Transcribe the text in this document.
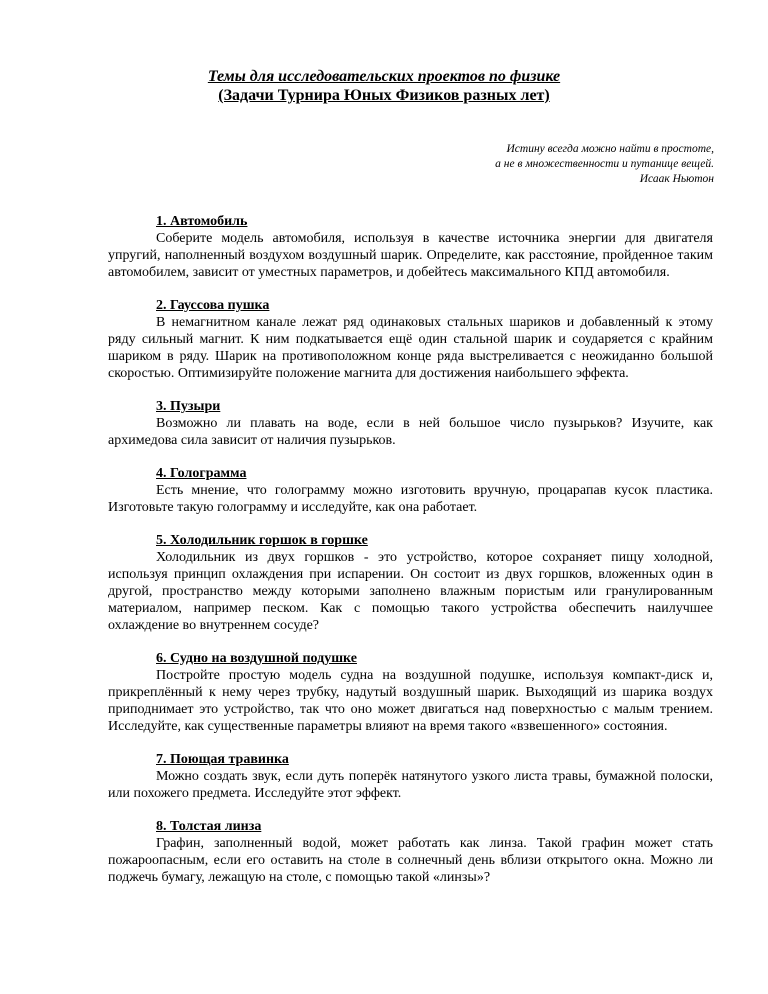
Темы для исследовательских проектов по физике
(Задачи Турнира Юных Физиков разных лет)
Истину всегда можно найти в простоте,
а не в множественности и путанице вещей.
Исаак Ньютон
1. Автомобиль
Соберите модель автомобиля, используя в качестве источника энергии для двигателя упругий, наполненный воздухом воздушный шарик. Определите, как расстояние, пройденное таким автомобилем, зависит от уместных параметров, и добейтесь максимального КПД автомобиля.
2. Гауссова пушка
В немагнитном канале лежат ряд одинаковых стальных шариков и добавленный к этому ряду сильный магнит. К ним подкатывается ещё один стальной шарик и соударяется с крайним шариком в ряду. Шарик на противоположном конце ряда выстреливается с неожиданно большой скоростью. Оптимизируйте положение магнита для достижения наибольшего эффекта.
3. Пузыри
Возможно ли плавать на воде, если в ней большое число пузырьков? Изучите, как архимедова сила зависит от наличия пузырьков.
4. Голограмма
Есть мнение, что голограмму можно изготовить вручную, процарапав кусок пластика. Изготовьте такую голограмму и исследуйте, как она работает.
5. Холодильник горшок в горшке
Холодильник из двух горшков - это устройство, которое сохраняет пищу холодной, используя принцип охлаждения при испарении. Он состоит из двух горшков, вложенных один в другой, пространство между которыми заполнено влажным пористым или гранулированным материалом, например песком. Как с помощью такого устройства обеспечить наилучшее охлаждение во внутреннем сосуде?
6. Судно на воздушной подушке
Постройте простую модель судна на воздушной подушке, используя компакт-диск и, прикреплённый к нему через трубку, надутый воздушный шарик. Выходящий из шарика воздух приподнимает это устройство, так что оно может двигаться над поверхностью с малым трением. Исследуйте, как существенные параметры влияют на время такого «взвешенного» состояния.
7. Поющая травинка
Можно создать звук, если дуть поперёк натянутого узкого листа травы, бумажной полоски, или похожего предмета. Исследуйте этот эффект.
8. Толстая линза
Графин, заполненный водой, может работать как линза. Такой графин может стать пожароопасным, если его оставить на столе в солнечный день вблизи открытого окна. Можно ли поджечь бумагу, лежащую на столе, с помощью такой «линзы»?
